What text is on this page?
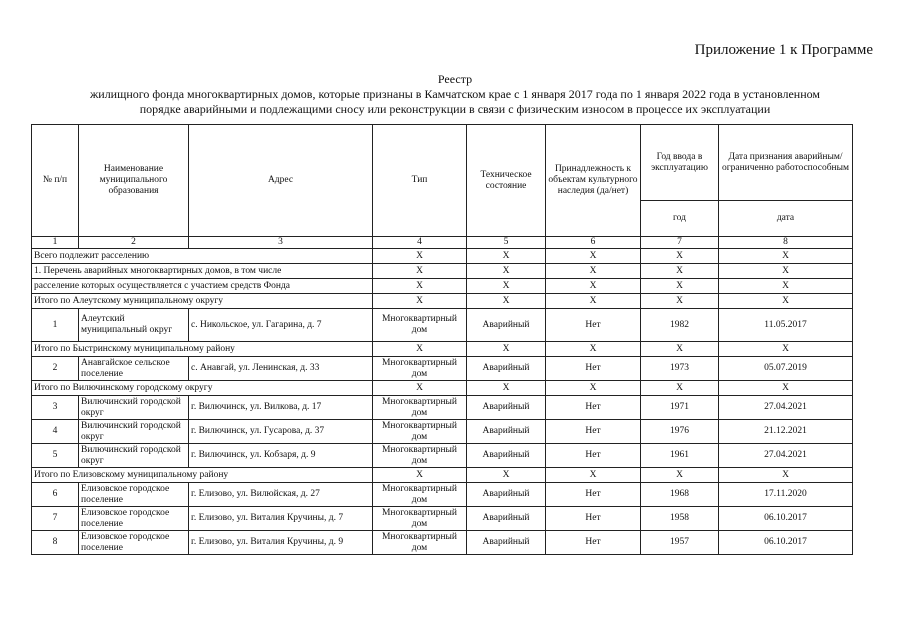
Приложение 1 к Программе
Реестр
жилищного фонда многоквартирных домов, которые признаны в Камчатском крае с 1 января 2017 года по 1 января 2022 года в установленном
порядке аварийными и подлежащими сносу или реконструкции в связи с физическим износом в процессе их эксплуатации
№ п/п	Наименование муниципального образования	Адрес	Тип	Техническое состояние	Принадлежность к объектам культурного наследия (да/нет)	Год ввода в эксплуатацию	Дата признания аварийным/ограниченно работоспособным
						год	дата
1	2	3	4	5	6	7	8
Всего подлежит расселению			X	X	X	X	X
1. Перечень аварийных многоквартирных домов, в том числе			X	X	X	X	X
расселение которых осуществляется с участием средств Фонда			X	X	X	X	X
Итого по Алеутскому муниципальному округу			X	X	X	X	X
1	Алеутский муниципальный округ	с. Никольское, ул. Гагарина, д. 7	Многоквартирный дом	Аварийный	Нет	1982	11.05.2017
Итого по Быстринскому муниципальному району			X	X	X	X	X
2	Анавгайское сельское поселение	с. Анавгай, ул. Ленинская, д. 33	Многоквартирный дом	Аварийный	Нет	1973	05.07.2019
Итого по Вилючинскому городскому округу			X	X	X	X	X
3	Вилючинский городской округ	г. Вилючинск, ул. Вилкова, д. 17	Многоквартирный дом	Аварийный	Нет	1971	27.04.2021
4	Вилючинский городской округ	г. Вилючинск, ул. Гусарова, д. 37	Многоквартирный дом	Аварийный	Нет	1976	21.12.2021
5	Вилючинский городской округ	г. Вилючинск, ул. Кобзаря, д. 9	Многоквартирный дом	Аварийный	Нет	1961	27.04.2021
Итого по Елизовскому муниципальному району			X	X	X	X	X
6	Елизовское городское поселение	г. Елизово, ул. Вилюйская, д. 27	Многоквартирный дом	Аварийный	Нет	1968	17.11.2020
7	Елизовское городское поселение	г. Елизово, ул. Виталия Кручины, д. 7	Многоквартирный дом	Аварийный	Нет	1958	06.10.2017
8	Елизовское городское поселение	г. Елизово, ул. Виталия Кручины, д. 9	Многоквартирный дом	Аварийный	Нет	1957	06.10.2017
